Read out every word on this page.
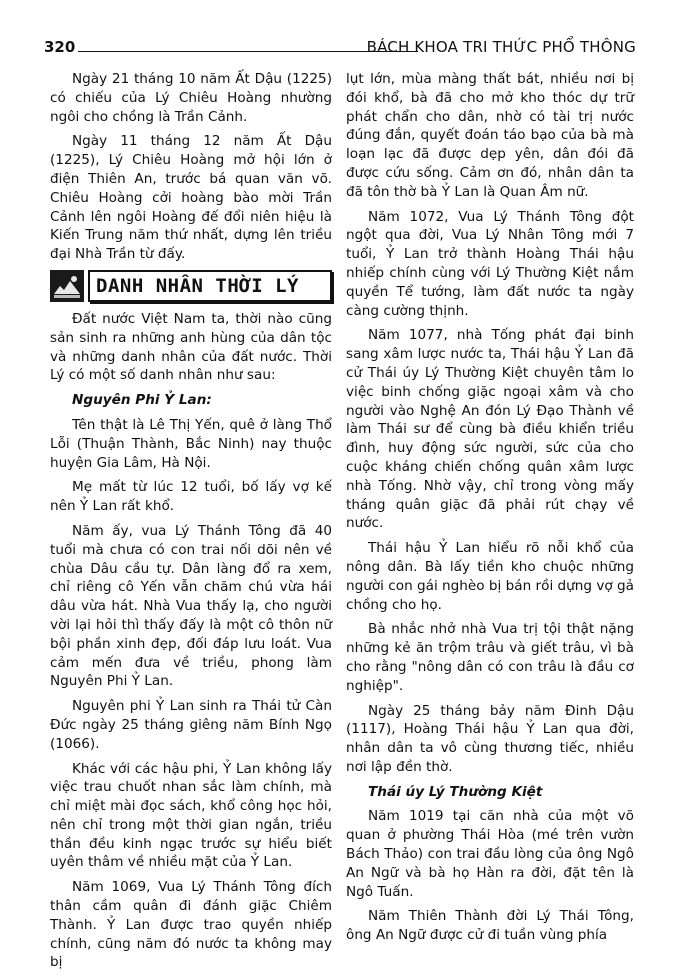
320	BÁCH KHOA TRI THỨC PHỔ THÔNG

Ngày 21 tháng 10 năm Ất Dậu (1225) có chiếu của Lý Chiêu Hoàng nhường ngôi cho chồng là Trần Cảnh.

Ngày 11 tháng 12 năm Ất Dậu (1225), Lý Chiêu Hoàng mở hội lớn ở điện Thiên An, trước bá quan văn võ. Chiêu Hoàng cởi hoàng bào mời Trần Cảnh lên ngôi Hoàng đế đổi niên hiệu là Kiến Trung năm thứ nhất, dựng lên triều đại Nhà Trần từ đấy.

DANH NHÂN THỜI LÝ

Đất nước Việt Nam ta, thời nào cũng sản sinh ra những anh hùng của dân tộc và những danh nhân của đất nước. Thời Lý có một số danh nhân như sau:

Nguyên Phi Ỷ Lan:

Tên thật là Lê Thị Yến, quê ở làng Thổ Lỗi (Thuận Thành, Bắc Ninh) nay thuộc huyện Gia Lâm, Hà Nội.

Mẹ mất từ lúc 12 tuổi, bố lấy vợ kế nên Ỷ Lan rất khổ.

Năm ấy, vua Lý Thánh Tông đã 40 tuổi mà chưa có con trai nối dõi nên về chùa Dâu cầu tự. Dân làng đổ ra xem, chỉ riêng cô Yến vẫn chăm chú vừa hái dâu vừa hát. Nhà Vua thấy lạ, cho người vời lại hỏi thì thấy đấy là một cô thôn nữ bội phần xinh đẹp, đối đáp lưu loát. Vua cảm mến đưa về triều, phong làm Nguyên Phi Ỷ Lan.

Nguyên phi Ỷ Lan sinh ra Thái tử Càn Đức ngày 25 tháng giêng năm Bính Ngọ (1066).

Khác với các hậu phi, Ỷ Lan không lấy việc trau chuốt nhan sắc làm chính, mà chỉ miệt mài đọc sách, khổ công học hỏi, nên chỉ trong một thời gian ngắn, triều thần đều kinh ngạc trước sự hiểu biết uyên thâm về nhiều mặt của Ỷ Lan.

Năm 1069, Vua Lý Thánh Tông đích thân cầm quân đi đánh giặc Chiêm Thành. Ỷ Lan được trao quyền nhiếp chính, cũng năm đó nước ta không may bị

lụt lớn, mùa màng thất bát, nhiều nơi bị đói khổ, bà đã cho mở kho thóc dự trữ phát chẩn cho dân, nhờ có tài trị nước đúng đắn, quyết đoán táo bạo của bà mà loạn lạc đã được dẹp yên, dân đói đã được cứu sống. Cảm ơn đó, nhân dân ta đã tôn thờ bà Ỷ Lan là Quan Âm nữ.

Năm 1072, Vua Lý Thánh Tông đột ngột qua đời, Vua Lý Nhân Tông mới 7 tuổi, Ỷ Lan trở thành Hoàng Thái hậu nhiếp chính cùng với Lý Thường Kiệt nắm quyền Tể tướng, làm đất nước ta ngày càng cường thịnh.

Năm 1077, nhà Tống phát đại binh sang xâm lược nước ta, Thái hậu Ỷ Lan đã cử Thái úy Lý Thường Kiệt chuyên tâm lo việc binh chống giặc ngoại xâm và cho người vào Nghệ An đón Lý Đạo Thành về làm Thái sư để cùng bà điều khiển triều đình, huy động sức người, sức của cho cuộc kháng chiến chống quân xâm lược nhà Tống. Nhờ vậy, chỉ trong vòng mấy tháng quân giặc đã phải rút chạy về nước.

Thái hậu Ỷ Lan hiểu rõ nỗi khổ của nông dân. Bà lấy tiền kho chuộc những người con gái nghèo bị bán rồi dựng vợ gả chồng cho họ.

Bà nhắc nhở nhà Vua trị tội thật nặng những kẻ ăn trộm trâu và giết trâu, vì bà cho rằng "nông dân có con trâu là đầu cơ nghiệp".

Ngày 25 tháng bảy năm Đinh Dậu (1117), Hoàng Thái hậu Ỷ Lan qua đời, nhân dân ta vô cùng thương tiếc, nhiều nơi lập đền thờ.

Thái úy Lý Thường Kiệt

Năm 1019 tại căn nhà của một võ quan ở phường Thái Hòa (mé trên vườn Bách Thảo) con trai đầu lòng của ông Ngô An Ngữ và bà họ Hàn ra đời, đặt tên là Ngô Tuấn.

Năm Thiên Thành đời Lý Thái Tông, ông An Ngữ được cử đi tuần vùng phía
